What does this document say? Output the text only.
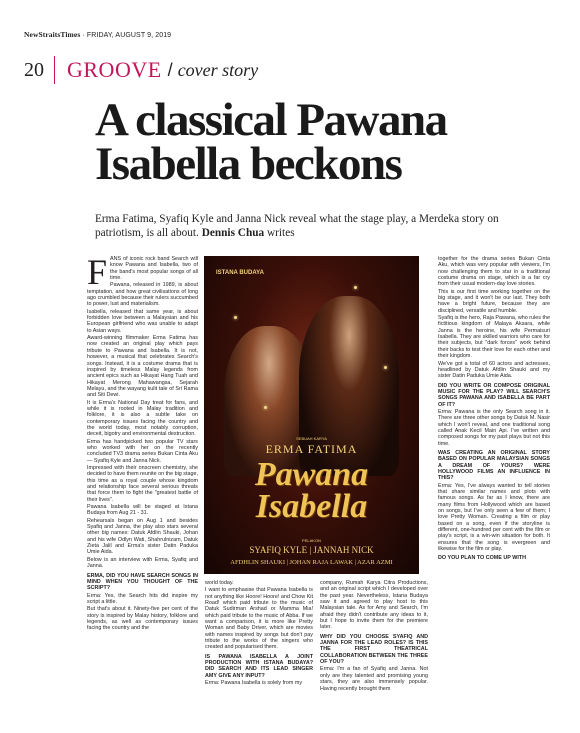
NewStraitsTimes · FRIDAY, AUGUST 9, 2019
20	GROOVE / cover story
A classical Pawana
Isabella beckons
Erma Fatima, Syafiq Kyle and Janna Nick reveal what the stage play, a Merdeka story on patriotism, is all about. Dennis Chua writes

FANS of iconic rock band Search will know Pawana and Isabella, two of the band's most popular songs of all time.

Pawana, released in 1989, is about temptation, and how great civilisations of long ago crumbled because their rulers succumbed to power, lust and materialism.

Isabella, released that same year, is about forbidden love between a Malaysian and his European girlfriend who was unable to adapt to Asian ways.

Award-winning filmmaker Erma Fatima has now created an original play which pays tribute to Pawana and Isabella. It is not, however, a musical that celebrates Search's songs. Instead, it is a costume drama that is inspired by timeless Malay legends from ancient epics such as Hikayat Hang Tuah and Hikayat Merong Mahawangsa, Sejarah Melayu, and the wayang kulit tale of Sri Rama and Siti Dewi.

It is Erma's National Day treat for fans, and while it is rooted in Malay tradition and folklore, it is also a subtle take on contemporary issues facing the country and the world today, most notably corruption, deceit, bigotry and environmental destruction.

Erma has handpicked two popular TV stars who worked with her on the recently concluded TV3 drama series Bukan Cinta Aku — Syafiq Kyle and Janna Nick.

Impressed with their onscreen chemistry, she decided to have them reunite on the big stage, this time as a royal couple whose kingdom and relationship face several serious threats that force them to fight the "greatest battle of their lives".

Pawana Isabella will be staged at Istana Budaya from Aug 21 - 31.

Rehearsals began on Aug 1 and besides Syafiq and Janna, the play also stars several other big names: Datuk Afdlin Shauki, Johan and his wife Odlyn Wati, Shahrulnizam, Datuk Zieta Jalil and Erma's sister Datin Paduka Umie Aida.

Below is an interview with Erma, Syafiq and Janna.

ERMA, DID YOU HAVE SEARCH SONGS IN MIND WHEN YOU THOUGHT OF THE SCRIPT?

Erma: Yes, the Search hits did inspire my script a little.

But that's about it. Ninety-five per cent of the story is inspired by Malay history, folklore and legends, as well as contemporary issues facing the country and the

ISTANA BUDAYA
SEBUAH KARYA
ERMA FATIMA
Pawana
Isabella
PELAKON
SYAFIQ KYLE | JANNAH NICK
AFDHLIN SHAUKI | JOHAN RAJA LAWAK | AZAR AZMI

world today.

I want to emphasise that Pawana Isabella is not anything like Hoore! Hoore! and Chow Kit Road! which paid tribute to the music of Datuk Sudirman Arshad or Mamma Mia! which paid tribute to the music of Abba. If we want a comparison, it is more like Pretty Woman and Baby Driver, which are movies with names inspired by songs but don't pay tribute to the works of the singers who created and popularised them.

IS PAWANA ISABELLA A JOINT PRODUCTION WITH ISTANA BUDAYA? DID SEARCH AND ITS LEAD SINGER AMY GIVE ANY INPUT?

Erma: Pawana Isabella is solely from my

company, Rumah Karya Citra Productions, and an original script which I developed over the past year. Nevertheless, Istana Budaya saw it and agreed to play host to this Malaysian tale. As for Amy and Search, I'm afraid they didn't contribute any ideas to it, but I hope to invite them for the premiere later.

WHY DID YOU CHOOSE SYAFIQ AND JANNA FOR THE LEAD ROLES? IS THIS THE FIRST THEATRICAL COLLABORATION BETWEEN THE THREE OF YOU?

Erma: I'm a fan of Syafiq and Janna. Not only are they talented and promising young stars, they are also immensely popular. Having recently brought them

together for the drama series Bukan Cinta Aku, which was very popular with viewers, I'm now challenging them to star in a traditional costume drama on stage, which is a far cry from their usual modern-day love stories.

This is our first time working together on the big stage, and it won't be our last. They both have a bright future, because they are disciplined, versatile and humble.

Syafiq is the hero, Raja Pawana, who rules the fictitious kingdom of Malaya Aksara, while Janna is the heroine, his wife Permaisuri Isabella. They are skilled warriors who care for their subjects, but "dark forces" work behind their backs to test their love for each other and their kingdom.

We've got a total of 60 actors and actresses, headlined by Datuk Afdlin Shauki and my sister Datin Paduka Umie Aida.

DID YOU WRITE OR COMPOSE ORIGINAL MUSIC FOR THE PLAY? WILL SEARCH'S SONGS PAWANA AND ISABELLA BE PART OF IT?

Erma: Pawana is the only Search song in it. There are three other songs by Datuk M. Nasir which I won't reveal, and one traditional song called Anak Kecil Main Api. I've written and composed songs for my past plays but not this time.

WAS CREATING AN ORIGINAL STORY BASED ON POPULAR MALAYSIAN SONGS A DREAM OF YOURS? WERE HOLLYWOOD FILMS AN INFLUENCE IN THIS?

Erma: Yes, I've always wanted to tell stories that share similar names and plots with famous songs. As far as I know, there are many films from Hollywood which are based on songs, but I've only seen a few of them; I love Pretty Woman. Creating a film or play based on a song, even if the storyline is different, one-hundred per cent with the film or play's script, is a win-win situation for both. It ensures that the song is evergreen and likewise for the film or play.

DO YOU PLAN TO COME UP WITH
